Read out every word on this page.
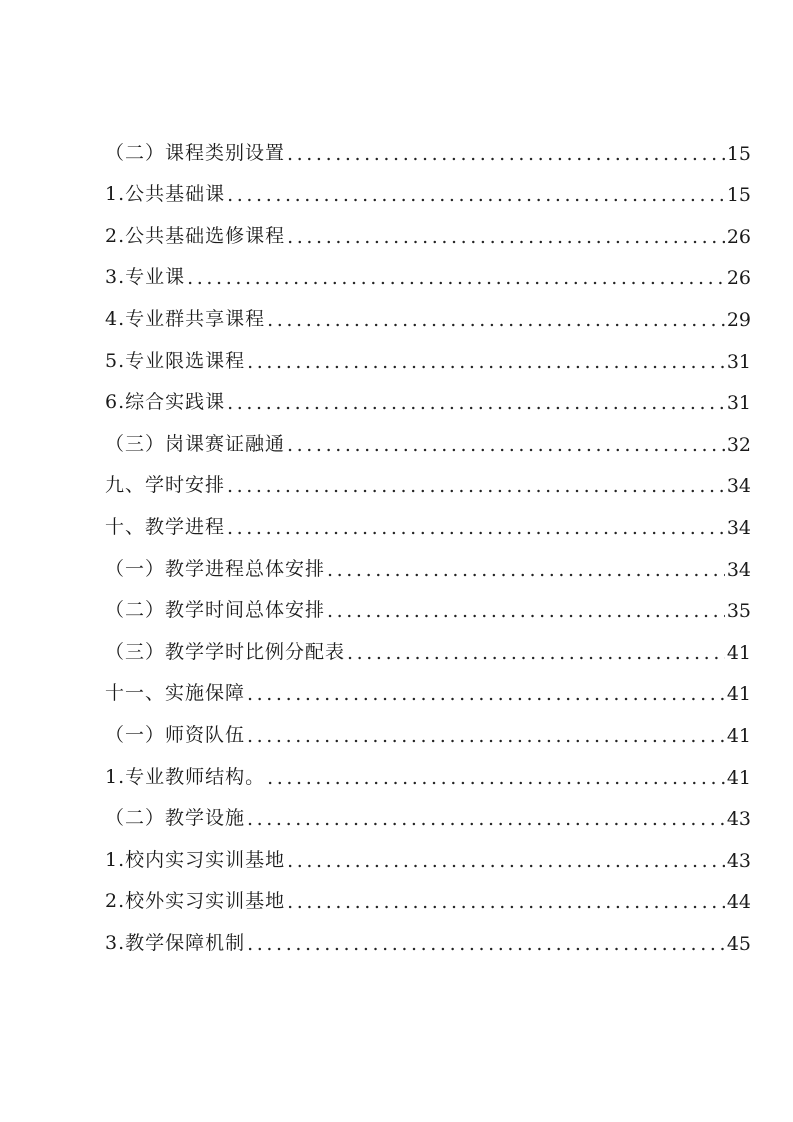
（二）课程类别设置 .....	15
1.公共基础课 .....	15
2.公共基础选修课程 .....	26
3.专业课 .....	26
4.专业群共享课程 .....	29
5.专业限选课程 .....	31
6.综合实践课 .....	31
（三）岗课赛证融通 .....	32
九、学时安排 .....	34
十、教学进程 .....	34
（一）教学进程总体安排 .....	34
（二）教学时间总体安排 .....	35
（三）教学学时比例分配表 .....	41
十一、实施保障 .....	41
（一）师资队伍 .....	41
1.专业教师结构。 .....	41
（二）教学设施 .....	43
1.校内实习实训基地 .....	43
2.校外实习实训基地 .....	44
3.教学保障机制 .....	45
